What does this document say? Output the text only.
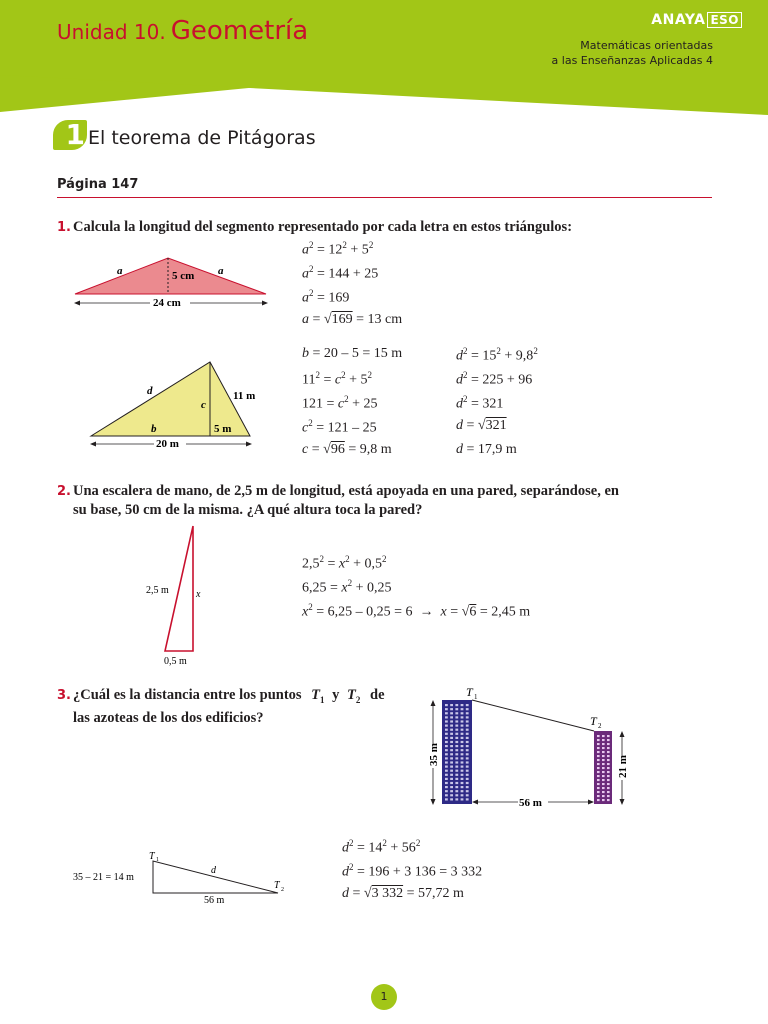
Unidad 10. Geometría	ANAYA ESO
Matemáticas orientadas
a las Enseñanzas Aplicadas 4
1 El teorema de Pitágoras
Página 147
1. Calcula la longitud del segmento representado por cada letra en estos triángulos:
a	a
5 cm
24 cm
$a^2 = 12^2 + 5^2$
$a^2 = 144 + 25$
$a^2 = 169$
a = √169 = 13 cm
d
c
b
11 m
5 m
20 m
b = 20 – 5 = 15 m
$11^2 = c^2 + 5^2$
$121 = c^2 + 25$
$c^2 = 121 - 25$
c = √96 = 9,8 m
$d^2 = 15^2 + 9,8^2$
$d^2 = 225 + 96$
$d^2 = 321$
d = √321
d = 17,9 m
2. Una escalera de mano, de 2,5 m de longitud, está apoyada en una pared, separándose, en
su base, 50 cm de la misma. ¿A qué altura toca la pared?
2,5 m	x
0,5 m
$2,5^2 = x^2 + 0,5^2$
$6,25 = x^2 + 0,25$
$x^2 = 6,25 - 0,25 = 6 \to x = √6 = 2,45$ m
3. ¿Cuál es la distancia entre los puntos $T_1$ y $T_2$ de
las azoteas de los dos edificios?
35 m
21 m
56 m
T 1
T 2
35 – 21 = 14 m
56 m
d
T 1
T 2
$d^2 = 14^2 + 56^2$
$d^2 = 196 + 3$ 136 = 3 332
d = √3 332 = 57,72 m
1
